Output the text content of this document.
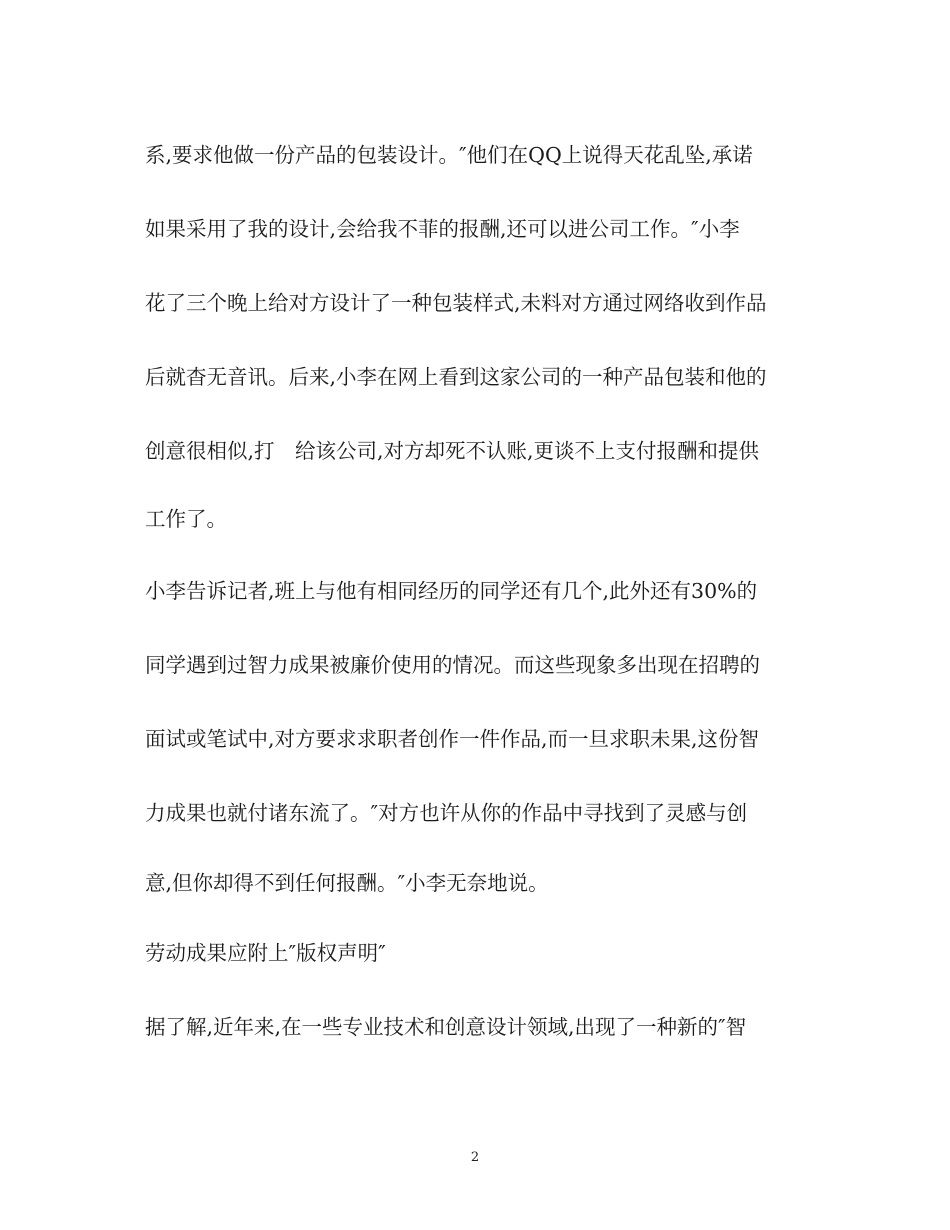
系,要求他做一份产品的包装设计。″他们在QQ上说得天花乱坠,承诺
如果采用了我的设计,会给我不菲的报酬,还可以进公司工作。″小李
花了三个晚上给对方设计了一种包装样式,未料对方通过网络收到作品
后就杳无音讯。后来,小李在网上看到这家公司的一种产品包装和他的
创意很相似,打　给该公司,对方却死不认账,更谈不上支付报酬和提供
工作了。
小李告诉记者,班上与他有相同经历的同学还有几个,此外还有30%的
同学遇到过智力成果被廉价使用的情况。而这些现象多出现在招聘的
面试或笔试中,对方要求求职者创作一件作品,而一旦求职未果,这份智
力成果也就付诸东流了。″对方也许从你的作品中寻找到了灵感与创
意,但你却得不到任何报酬。″小李无奈地说。
劳动成果应附上″版权声明″
据了解,近年来,在一些专业技术和创意设计领域,出现了一种新的″智
2
